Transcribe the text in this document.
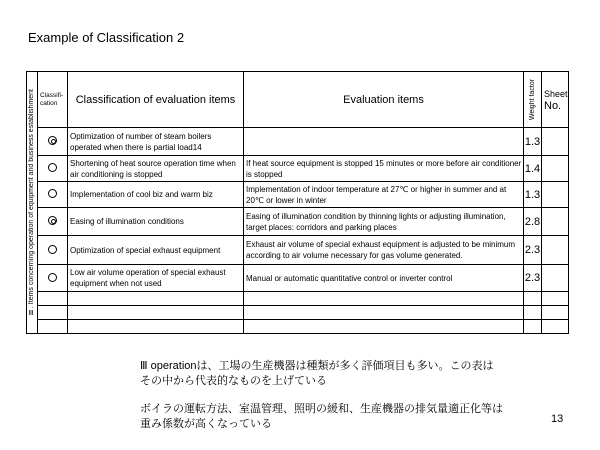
Example of Classification 2
Ⅲ. Items concerning operation of equipment and business establishment	Classifi-cation	Classification of evaluation items	Evaluation items	Weight factor	Sheet
No.
		Optimization of number of steam boilers operated when there is partial load14		1.3	
		Shortening of heat source operation time when air conditioning is stopped	If heat source equipment is stopped 15 minutes or more before air conditioner is stopped	1.4	
		Implementation of cool biz and warm biz	Implementation of indoor temperature at 27℃ or higher in summer and at 20℃ or lower in winter	1.3	
		Easing of illumination conditions	Easing of illumination condition by thinning lights or adjusting illumination, target places: corridors and parking places	2.8	
		Optimization of special exhaust equipment	Exhaust air volume of special exhaust equipment is adjusted to be minimum according to air volume necessary for gas volume generated.	2.3	
		Low air volume operation of special exhaust equipment when not used	Manual or automatic quantitative control or inverter control	2.3	

Ⅲ operationは、工場の生産機器は種類が多く評価項目も多い。この表は
その中から代表的なものを上げている
ボイラの運転方法、室温管理、照明の緩和、生産機器の排気量適正化等は
重み係数が高くなっている	13
